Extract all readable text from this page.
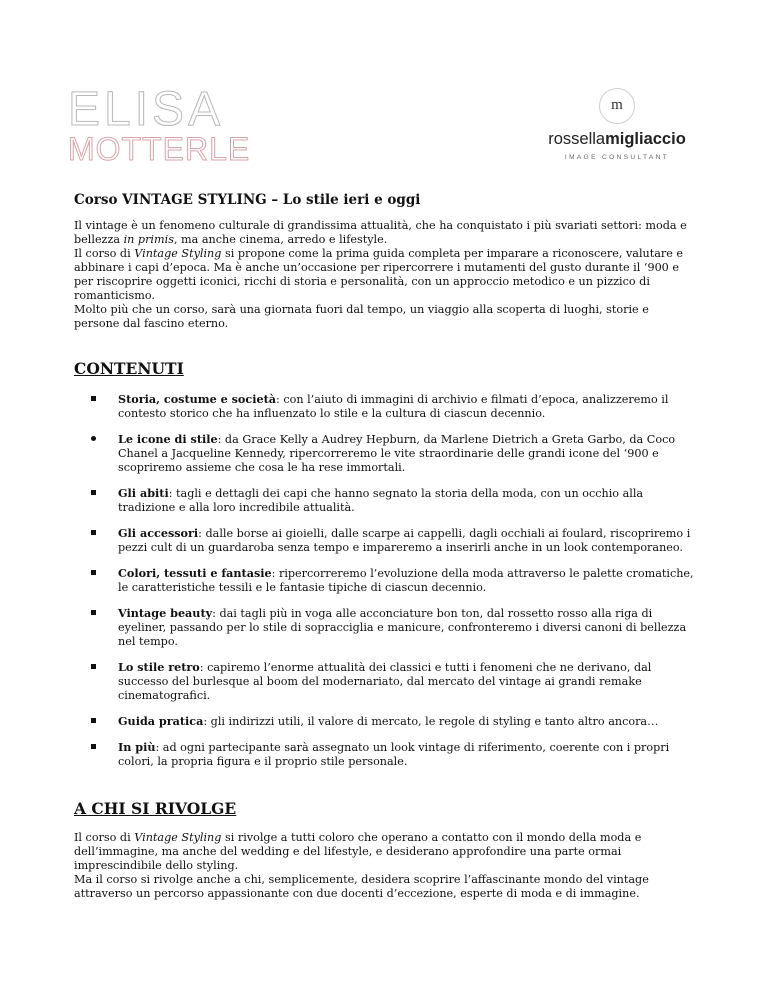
ELISA
MOTTERLE
m
rossellamigliaccio
IMAGE CONSULTANT
Corso VINTAGE STYLING – Lo stile ieri e oggi

Il vintage è un fenomeno culturale di grandissima attualità, che ha conquistato i più svariati settori: moda e bellezza in primis, ma anche cinema, arredo e lifestyle.

Il corso di Vintage Styling si propone come la prima guida completa per imparare a riconoscere, valutare e abbinare i capi d’epoca. Ma è anche un’occasione per ripercorrere i mutamenti del gusto durante il ‘900 e per riscoprire oggetti iconici, ricchi di storia e personalità, con un approccio metodico e un pizzico di romanticismo.

Molto più che un corso, sarà una giornata fuori dal tempo, un viaggio alla scoperta di luoghi, storie e persone dal fascino eterno.

CONTENUTI
Storia, costume e società: con l’aiuto di immagini di archivio e filmati d’epoca, analizzeremo il contesto storico che ha influenzato lo stile e la cultura di ciascun decennio.
Le icone di stile: da Grace Kelly a Audrey Hepburn, da Marlene Dietrich a Greta Garbo, da Coco Chanel a Jacqueline Kennedy, ripercorreremo le vite straordinarie delle grandi icone del ‘900 e scopriremo assieme che cosa le ha rese immortali.
Gli abiti: tagli e dettagli dei capi che hanno segnato la storia della moda, con un occhio alla tradizione e alla loro incredibile attualità.
Gli accessori: dalle borse ai gioielli, dalle scarpe ai cappelli, dagli occhiali ai foulard, riscopriremo i pezzi cult di un guardaroba senza tempo e impareremo a inserirli anche in un look contemporaneo.
Colori, tessuti e fantasie: ripercorreremo l’evoluzione della moda attraverso le palette cromatiche, le caratteristiche tessili e le fantasie tipiche di ciascun decennio.
Vintage beauty: dai tagli più in voga alle acconciature bon ton, dal rossetto rosso alla riga di eyeliner, passando per lo stile di sopracciglia e manicure, confronteremo i diversi canoni di bellezza nel tempo.
Lo stile retro: capiremo l’enorme attualità dei classici e tutti i fenomeni che ne derivano, dal successo del burlesque al boom del modernariato, dal mercato del vintage ai grandi remake cinematografici.
Guida pratica: gli indirizzi utili, il valore di mercato, le regole di styling e tanto altro ancora…
In più: ad ogni partecipante sarà assegnato un look vintage di riferimento, coerente con i propri colori, la propria figura e il proprio stile personale.
A CHI SI RIVOLGE

Il corso di Vintage Styling si rivolge a tutti coloro che operano a contatto con il mondo della moda e dell’immagine, ma anche del wedding e del lifestyle, e desiderano approfondire una parte ormai imprescindibile dello styling.

Ma il corso si rivolge anche a chi, semplicemente, desidera scoprire l’affascinante mondo del vintage attraverso un percorso appassionante con due docenti d’eccezione, esperte di moda e di immagine.
